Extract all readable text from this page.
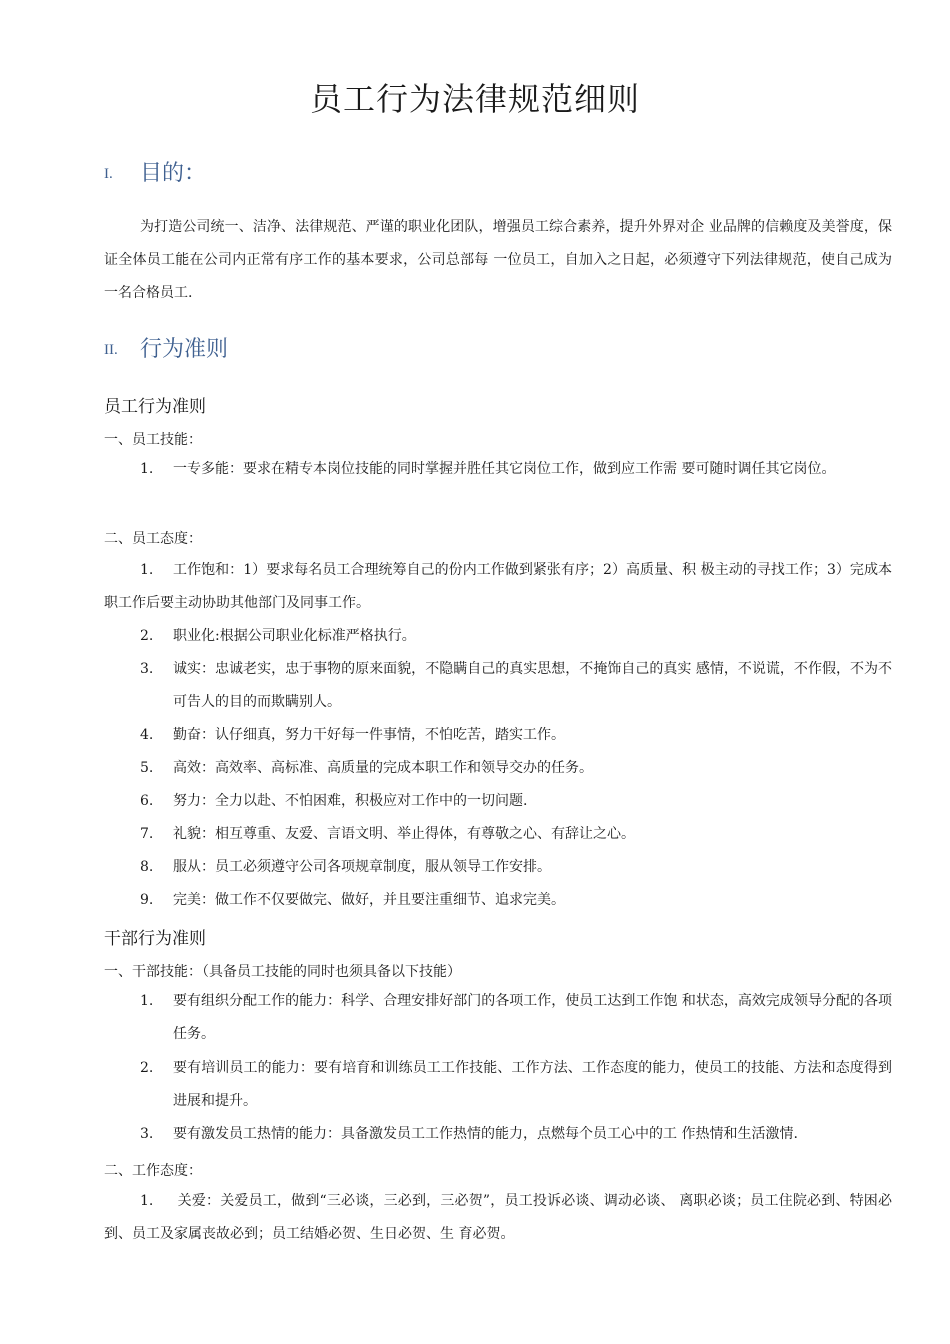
员工行为法律规范细则
I. 目的：
为打造公司统一、洁净、法律规范、严谨的职业化团队，增强员工综合素养，提升外界对企 业品牌的信赖度及美誉度，保证全体员工能在公司内正常有序工作的基本要求，公司总部每 一位员工，自加入之日起，必须遵守下列法律规范，使自己成为一名合格员工.
II. 行为准则
员工行为准则
一、员工技能：
1.	一专多能：要求在精专本岗位技能的同时掌握并胜任其它岗位工作，做到应工作需 要可随时调任其它岗位。
二、员工态度：
1. 工作饱和：1）要求每名员工合理统筹自己的份内工作做到紧张有序；2）高质量、积 极主动的寻找工作；3）完成本职工作后要主动协助其他部门及同事工作。
2.	职业化:根据公司职业化标准严格执行。
3.	诚实：忠诚老实，忠于事物的原来面貌，不隐瞒自己的真实思想，不掩饰自己的真实 感情，不说谎，不作假，不为不可告人的目的而欺瞒别人。
4.	勤奋：认仔细真，努力干好每一件事情，不怕吃苦，踏实工作。
5.	高效：高效率、高标准、高质量的完成本职工作和领导交办的任务。
6.	努力：全力以赴、不怕困难，积极应对工作中的一切问题.
7.	礼貌：相互尊重、友爱、言语文明、举止得体，有尊敬之心、有辞让之心。
8.	服从：员工必须遵守公司各项规章制度，服从领导工作安排。
9.	完美：做工作不仅要做完、做好，并且要注重细节、追求完美。
干部行为准则
一、干部技能：（具备员工技能的同时也须具备以下技能）
1.	要有组织分配工作的能力：科学、合理安排好部门的各项工作，使员工达到工作饱 和状态，高效完成领导分配的各项任务。
2.	要有培训员工的能力：要有培育和训练员工工作技能、工作方法、工作态度的能力，使员工的技能、方法和态度得到进展和提升。
3.	要有激发员工热情的能力：具备激发员工工作热情的能力，点燃每个员工心中的工 作热情和生活激情.
二、工作态度：
1. 关爱：关爱员工，做到“三必谈，三必到，三必贺”，员工投诉必谈、调动必谈、 离职必谈；员工住院必到、特困必到、员工及家属丧故必到；员工结婚必贺、生日必贺、生 育必贺。
